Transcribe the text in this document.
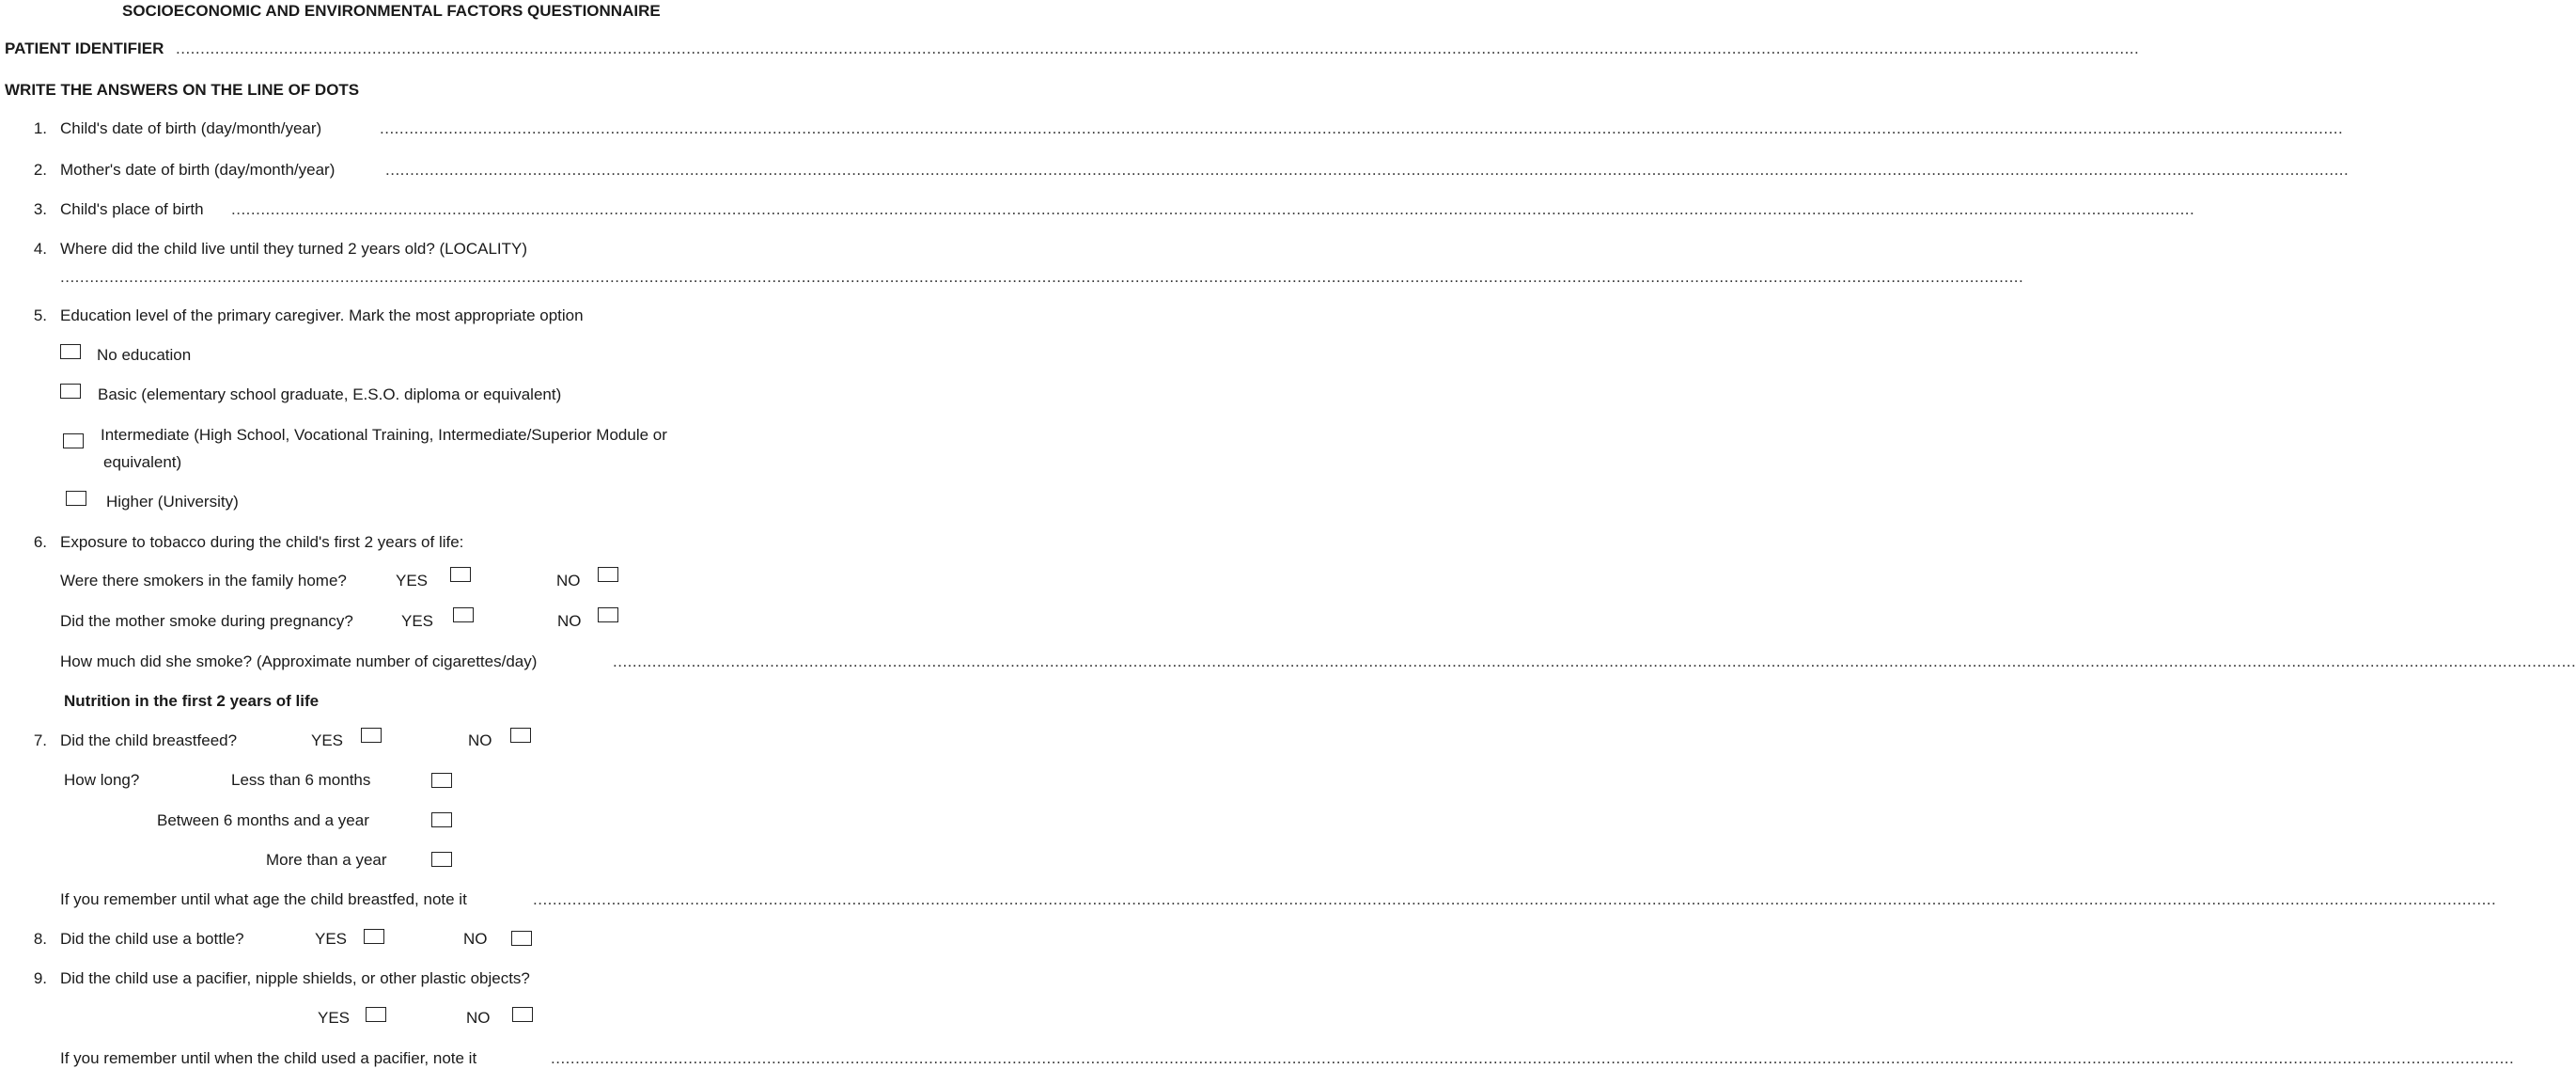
SOCIOECONOMIC AND ENVIRONMENTAL FACTORS QUESTIONNAIRE
PATIENT IDENTIFIER ................................................................................................................................................................................................................................................................................................................................................................................................................
WRITE THE ANSWERS ON THE LINE OF DOTS
1. Child's date of birth (day/month/year)	................................................................................................................................................................................................................................................................................................................................................................................................................
2. Mother's date of birth (day/month/year)	................................................................................................................................................................................................................................................................................................................................................................................................................
3. Child's place of birth ................................................................................................................................................................................................................................................................................................................................................................................................................
4. Where did the child live until they turned 2 years old? (LOCALITY)
................................................................................................................................................................................................................................................................................................................................................................................................................
5. Education level of the primary caregiver. Mark the most appropriate option
No education
Basic (elementary school graduate, E.S.O. diploma or equivalent)
Intermediate (High School, Vocational Training, Intermediate/Superior Module or
equivalent)
Higher (University)
6. Exposure to tobacco during the child's first 2 years of life:
Were there smokers in the family home?	YES	NO
Did the mother smoke during pregnancy?	YES	NO
How much did she smoke? (Approximate number of cigarettes/day)	................................................................................................................................................................................................................................................................................................................................................................................................................
Nutrition in the first 2 years of life
7. Did the child breastfeed?	YES	NO
How long?	Less than 6 months
Between 6 months and a year
More than a year
If you remember until what age the child breastfed, note it	................................................................................................................................................................................................................................................................................................................................................................................................................
8. Did the child use a bottle?	YES	NO
9. Did the child use a pacifier, nipple shields, or other plastic objects?
YES	NO
If you remember until when the child used a pacifier, note it	................................................................................................................................................................................................................................................................................................................................................................................................................
